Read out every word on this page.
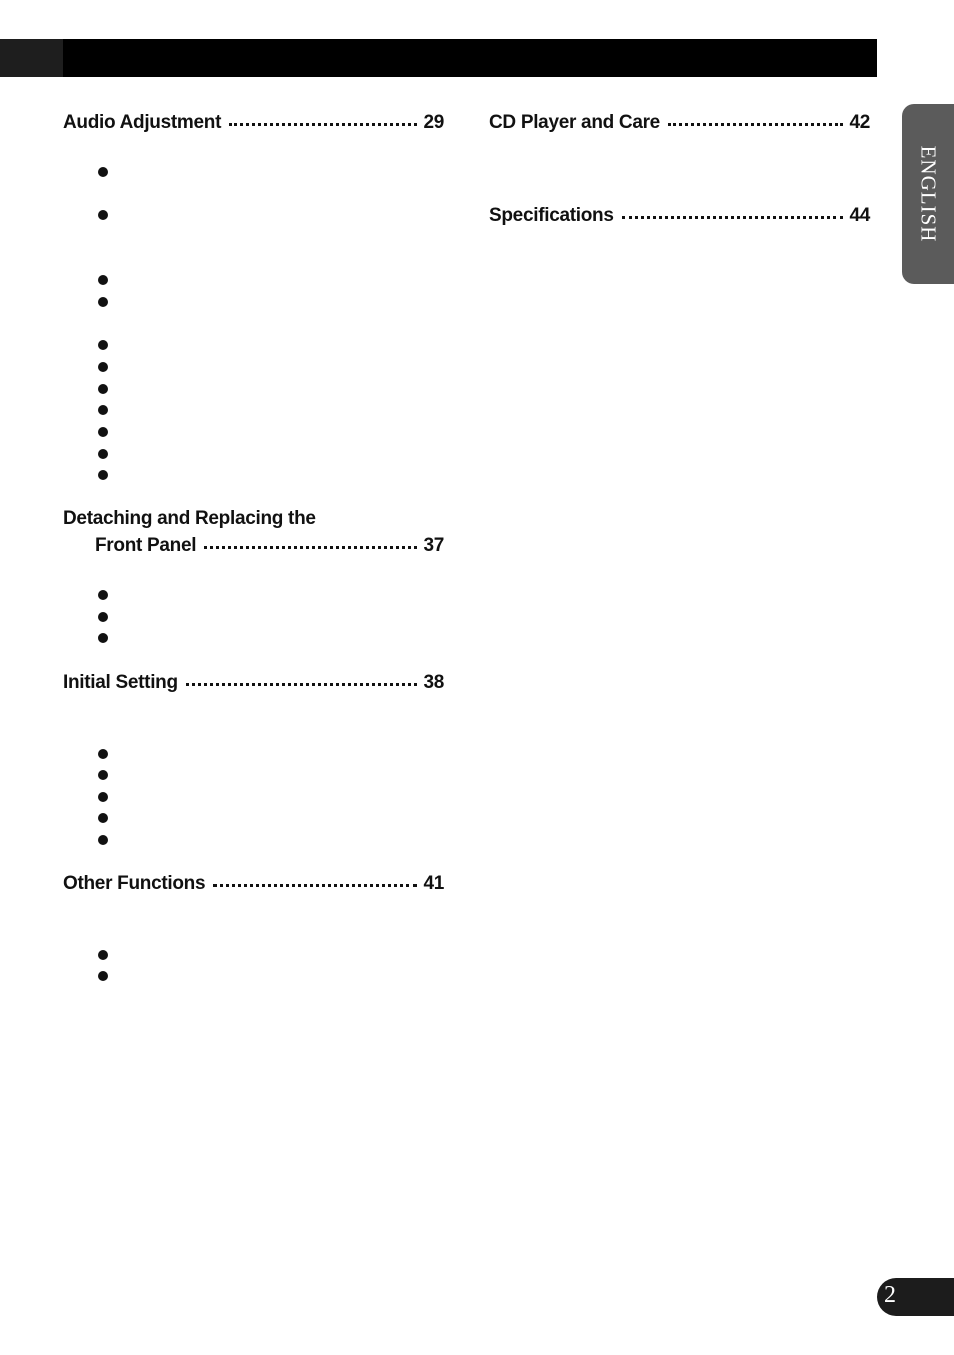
ENGLISH
Audio Adjustment	29
Detaching and Replacing the
Front Panel	37
Initial Setting	38
Other Functions	41
CD Player and Care	42
Specifications	44
2
